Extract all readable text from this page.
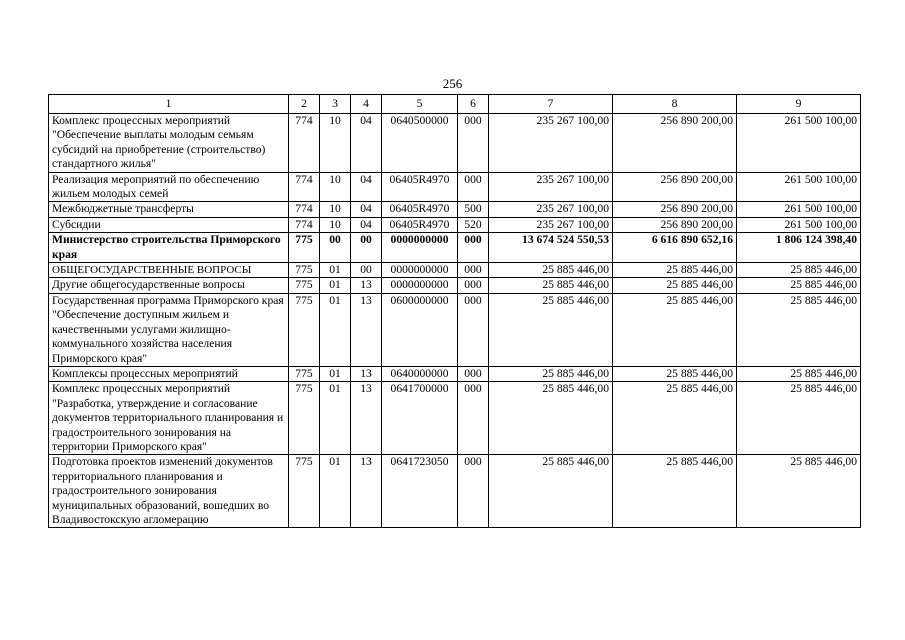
256
1	2	3	4	5	6	7	8	9
Комплекс процессных мероприятий "Обеспечение выплаты молодым семьям субсидий на приобретение (строительство) стандартного жилья"	774	10	04	0640500000	000	235 267 100,00	256 890 200,00	261 500 100,00
Реализация мероприятий по обеспечению жильем молодых семей	774	10	04	06405R4970	000	235 267 100,00	256 890 200,00	261 500 100,00
Межбюджетные трансферты	774	10	04	06405R4970	500	235 267 100,00	256 890 200,00	261 500 100,00
Субсидии	774	10	04	06405R4970	520	235 267 100,00	256 890 200,00	261 500 100,00
Министерство строительства Приморского края	775	00	00	0000000000	000	13 674 524 550,53	6 616 890 652,16	1 806 124 398,40
ОБЩЕГОСУДАРСТВЕННЫЕ ВОПРОСЫ	775	01	00	0000000000	000	25 885 446,00	25 885 446,00	25 885 446,00
Другие общегосударственные вопросы	775	01	13	0000000000	000	25 885 446,00	25 885 446,00	25 885 446,00
Государственная программа Приморского края "Обеспечение доступным жильем и качественными услугами жилищно-коммунального хозяйства населения Приморского края"	775	01	13	0600000000	000	25 885 446,00	25 885 446,00	25 885 446,00
Комплексы процессных мероприятий	775	01	13	0640000000	000	25 885 446,00	25 885 446,00	25 885 446,00
Комплекс процессных мероприятий "Разработка, утверждение и согласование документов территориального планирования и градостроительного зонирования на территории Приморского края"	775	01	13	0641700000	000	25 885 446,00	25 885 446,00	25 885 446,00
Подготовка проектов изменений документов территориального планирования и градостроительного зонирования муниципальных образований, вошедших во Владивостокскую агломерацию	775	01	13	0641723050	000	25 885 446,00	25 885 446,00	25 885 446,00
